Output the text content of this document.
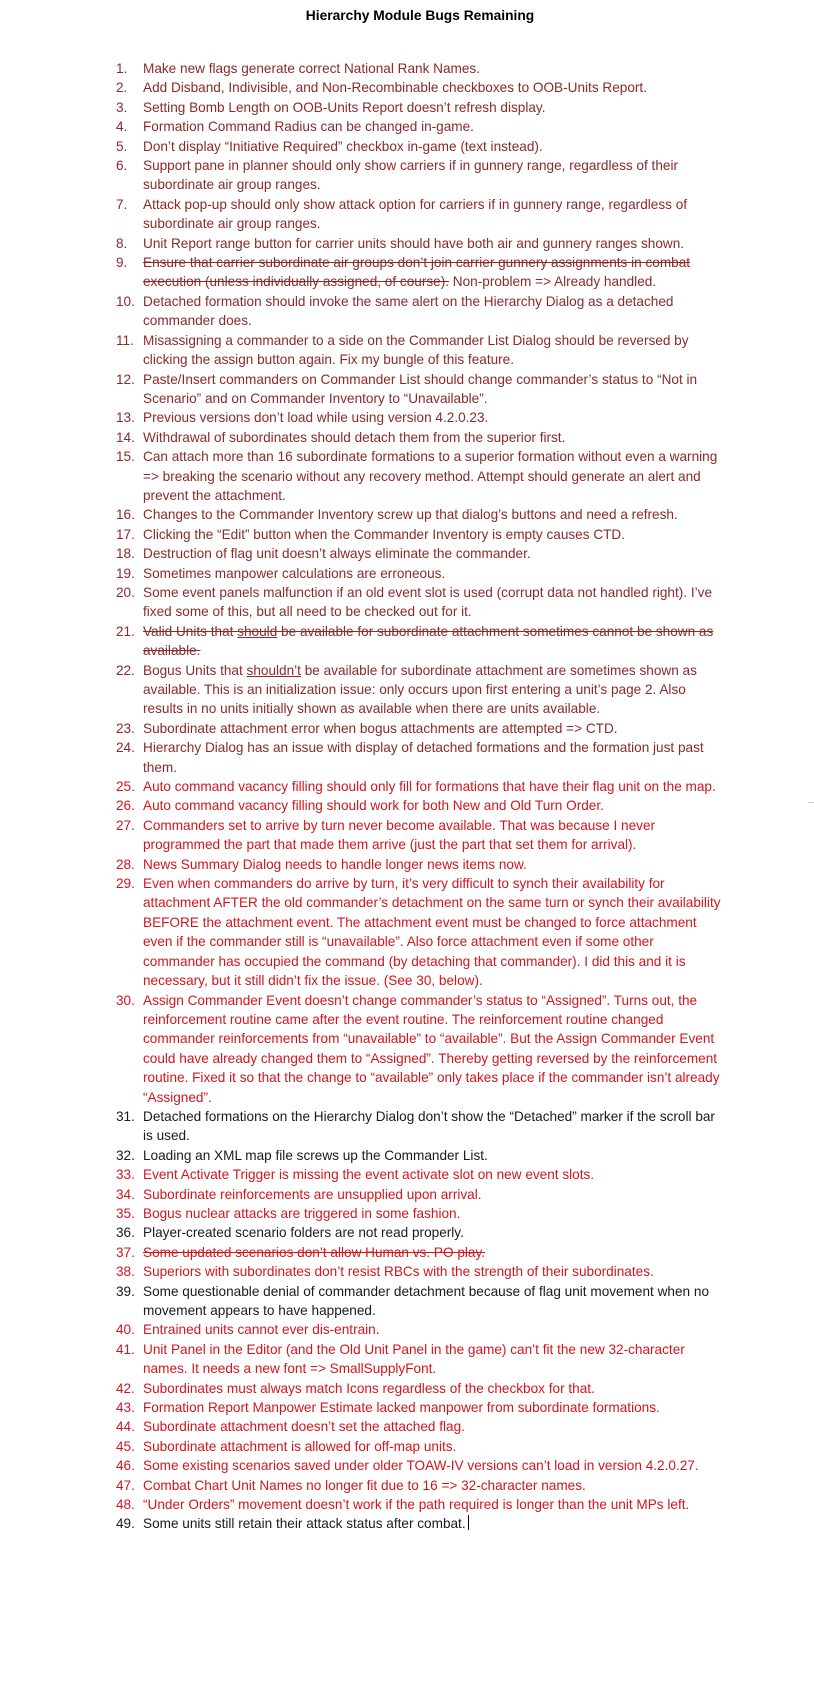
Hierarchy Module Bugs Remaining
1.	Make new flags generate correct National Rank Names.
2.	Add Disband, Indivisible, and Non-Recombinable checkboxes to OOB-Units Report.
3.	Setting Bomb Length on OOB-Units Report doesn’t refresh display.
4.	Formation Command Radius can be changed in-game.
5.	Don’t display “Initiative Required” checkbox in-game (text instead).
6.	Support pane in planner should only show carriers if in gunnery range, regardless of their subordinate air group ranges.
7.	Attack pop-up should only show attack option for carriers if in gunnery range, regardless of subordinate air group ranges.
8.	Unit Report range button for carrier units should have both air and gunnery ranges shown.
9.	Ensure that carrier subordinate air groups don’t join carrier gunnery assignments in combat execution (unless individually assigned, of course). Non-problem => Already handled.
10. Detached formation should invoke the same alert on the Hierarchy Dialog as a detached commander does.
11. Misassigning a commander to a side on the Commander List Dialog should be reversed by clicking the assign button again. Fix my bungle of this feature.
12. Paste/Insert commanders on Commander List should change commander’s status to “Not in Scenario” and on Commander Inventory to “Unavailable”.
13. Previous versions don’t load while using version 4.2.0.23.
14. Withdrawal of subordinates should detach them from the superior first.
15. Can attach more than 16 subordinate formations to a superior formation without even a warning => breaking the scenario without any recovery method. Attempt should generate an alert and prevent the attachment.
16. Changes to the Commander Inventory screw up that dialog’s buttons and need a refresh.
17. Clicking the “Edit” button when the Commander Inventory is empty causes CTD.
18. Destruction of flag unit doesn’t always eliminate the commander.
19. Sometimes manpower calculations are erroneous.
20. Some event panels malfunction if an old event slot is used (corrupt data not handled right). I’ve fixed some of this, but all need to be checked out for it.
21. Valid Units that should be available for subordinate attachment sometimes cannot be shown as available.
22. Bogus Units that shouldn’t be available for subordinate attachment are sometimes shown as available. This is an initialization issue: only occurs upon first entering a unit’s page 2. Also results in no units initially shown as available when there are units available.
23. Subordinate attachment error when bogus attachments are attempted => CTD.
24. Hierarchy Dialog has an issue with display of detached formations and the formation just past them.
25. Auto command vacancy filling should only fill for formations that have their flag unit on the map.
26. Auto command vacancy filling should work for both New and Old Turn Order.
27. Commanders set to arrive by turn never become available. That was because I never programmed the part that made them arrive (just the part that set them for arrival).
28. News Summary Dialog needs to handle longer news items now.
29. Even when commanders do arrive by turn, it’s very difficult to synch their availability for attachment AFTER the old commander’s detachment on the same turn or synch their availability BEFORE the attachment event. The attachment event must be changed to force attachment even if the commander still is “unavailable”. Also force attachment even if some other commander has occupied the command (by detaching that commander). I did this and it is necessary, but it still didn’t fix the issue. (See 30, below).
30. Assign Commander Event doesn’t change commander’s status to “Assigned”. Turns out, the reinforcement routine came after the event routine. The reinforcement routine changed commander reinforcements from “unavailable” to “available”. But the Assign Commander Event could have already changed them to “Assigned”. Thereby getting reversed by the reinforcement routine. Fixed it so that the change to “available” only takes place if the commander isn’t already “Assigned”.
31. Detached formations on the Hierarchy Dialog don’t show the “Detached” marker if the scroll bar is used.
32. Loading an XML map file screws up the Commander List.
33. Event Activate Trigger is missing the event activate slot on new event slots.
34. Subordinate reinforcements are unsupplied upon arrival.
35. Bogus nuclear attacks are triggered in some fashion.
36. Player-created scenario folders are not read properly.
37. Some updated scenarios don’t allow Human vs. PO play.
38. Superiors with subordinates don’t resist RBCs with the strength of their subordinates.
39. Some questionable denial of commander detachment because of flag unit movement when no movement appears to have happened.
40. Entrained units cannot ever dis-entrain.
41. Unit Panel in the Editor (and the Old Unit Panel in the game) can’t fit the new 32-character names. It needs a new font => SmallSupplyFont.
42. Subordinates must always match Icons regardless of the checkbox for that.
43. Formation Report Manpower Estimate lacked manpower from subordinate formations.
44. Subordinate attachment doesn’t set the attached flag.
45. Subordinate attachment is allowed for off-map units.
46. Some existing scenarios saved under older TOAW-IV versions can’t load in version 4.2.0.27.
47. Combat Chart Unit Names no longer fit due to 16 => 32-character names.
48. “Under Orders” movement doesn’t work if the path required is longer than the unit MPs left.
49. Some units still retain their attack status after combat.
